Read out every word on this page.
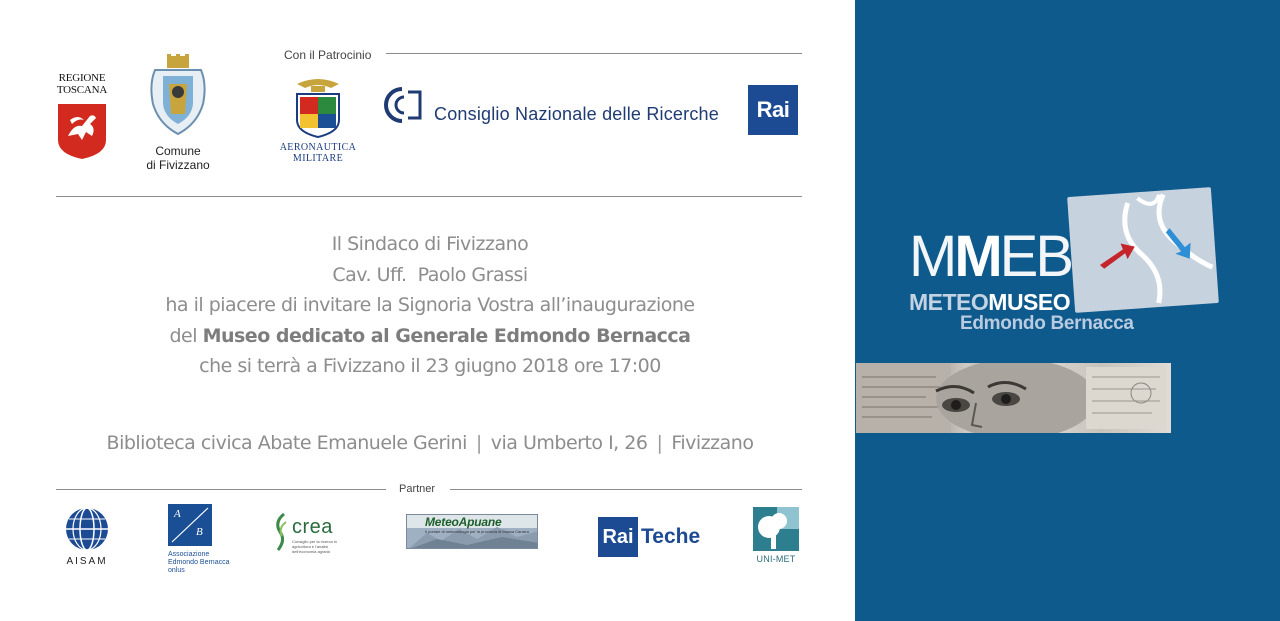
Con il Patrocinio
REGIONE TOSCANA
Comune
di Fivizzano
AERONAUTICA
MILITARE
Consiglio Nazionale delle Ricerche	Rai
Il Sindaco di Fivizzano
Cav. Uff.  Paolo Grassi
ha il piacere di invitare la Signoria Vostra all’inaugurazione
del Museo dedicato al Generale Edmondo Bernacca
che si terrà a Fivizzano il 23 giugno 2018 ore 17:00
Biblioteca civica Abate Emanuele Gerini | via Umberto I, 26 | Fivizzano
Partner
AISAM
A
B
Associazione
Edmondo Bernacca
onlus
crea
Consiglio per la ricerca in agricoltura e l'analisi dell'economia agraria
MeteoApuane
Il portale di meteorologia per la provincia di Massa Carrara	Rai Teche
UNI-MET
MMEB
METEOMUSEO
Edmondo Bernacca
